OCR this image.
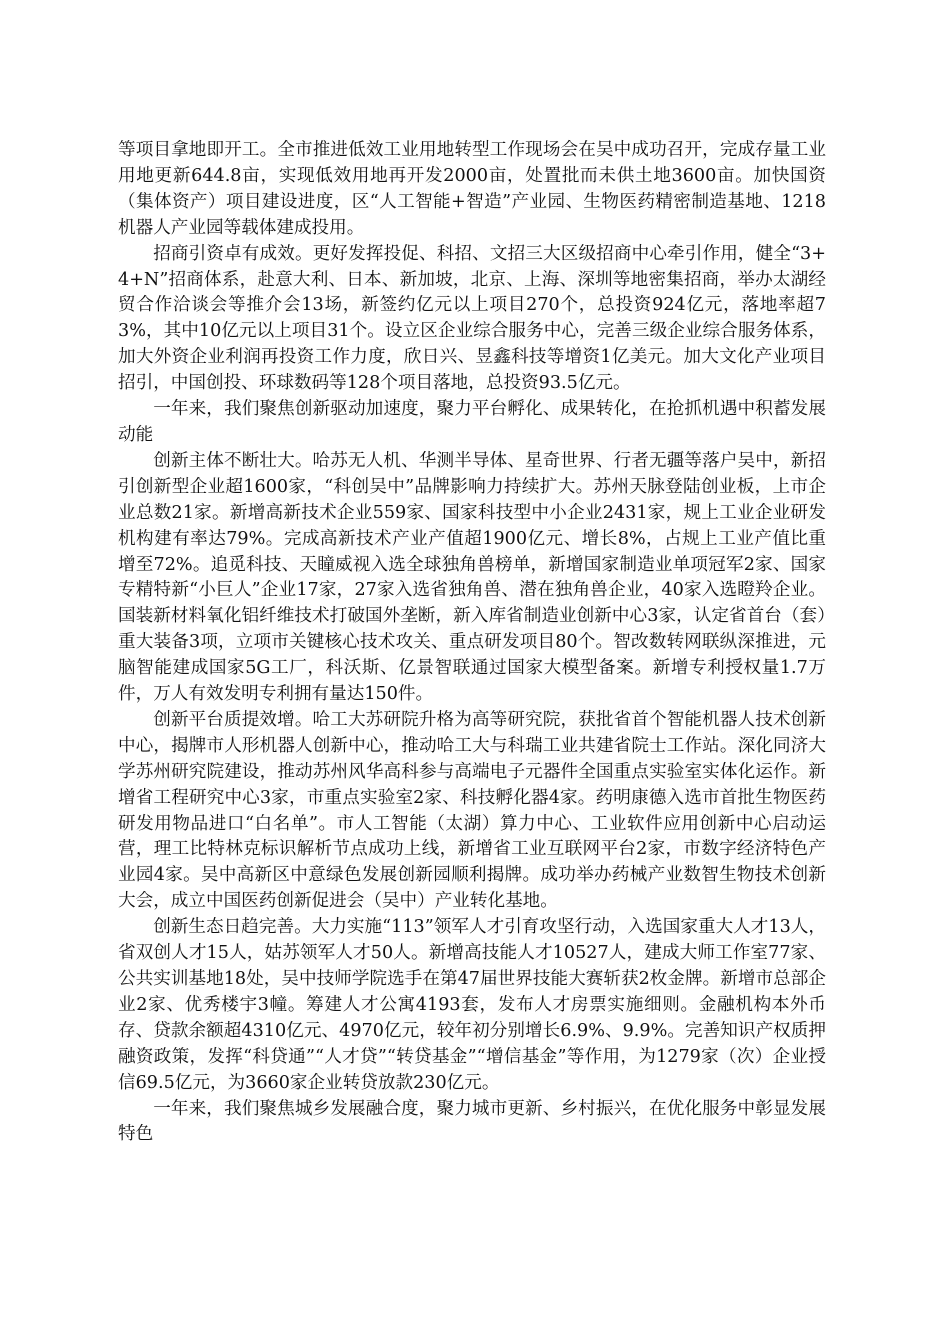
等项目拿地即开工。全市推进低效工业用地转型工作现场会在吴中成功召开，完成存量工业用地更新644.8亩，实现低效用地再开发2000亩，处置批而未供土地3600亩。加快国资（集体资产）项目建设进度，区“人工智能+智造”产业园、生物医药精密制造基地、1218机器人产业园等载体建成投用。

招商引资卓有成效。更好发挥投促、科招、文招三大区级招商中心牵引作用，健全“3+4+N”招商体系，赴意大利、日本、新加坡，北京、上海、深圳等地密集招商，举办太湖经贸合作洽谈会等推介会13场，新签约亿元以上项目270个，总投资924亿元，落地率超73%，其中10亿元以上项目31个。设立区企业综合服务中心，完善三级企业综合服务体系，加大外资企业利润再投资工作力度，欣日兴、昱鑫科技等增资1亿美元。加大文化产业项目招引，中国创投、环球数码等128个项目落地，总投资93.5亿元。

一年来，我们聚焦创新驱动加速度，聚力平台孵化、成果转化，在抢抓机遇中积蓄发展动能

创新主体不断壮大。哈苏无人机、华测半导体、星奇世界、行者无疆等落户吴中，新招引创新型企业超1600家，“科创吴中”品牌影响力持续扩大。苏州天脉登陆创业板，上市企业总数21家。新增高新技术企业559家、国家科技型中小企业2431家，规上工业企业研发机构建有率达79%。完成高新技术产业产值超1900亿元、增长8%，占规上工业产值比重增至72%。追觅科技、天瞳威视入选全球独角兽榜单，新增国家制造业单项冠军2家、国家专精特新“小巨人”企业17家，27家入选省独角兽、潜在独角兽企业，40家入选瞪羚企业。国装新材料氧化铝纤维技术打破国外垄断，新入库省制造业创新中心3家，认定省首台（套）重大装备3项，立项市关键核心技术攻关、重点研发项目80个。智改数转网联纵深推进，元脑智能建成国家5G工厂，科沃斯、亿景智联通过国家大模型备案。新增专利授权量1.7万件，万人有效发明专利拥有量达150件。

创新平台质提效增。哈工大苏研院升格为高等研究院，获批省首个智能机器人技术创新中心，揭牌市人形机器人创新中心，推动哈工大与科瑞工业共建省院士工作站。深化同济大学苏州研究院建设，推动苏州风华高科参与高端电子元器件全国重点实验室实体化运作。新增省工程研究中心3家，市重点实验室2家、科技孵化器4家。药明康德入选市首批生物医药研发用物品进口“白名单”。市人工智能（太湖）算力中心、工业软件应用创新中心启动运营，理工比特林克标识解析节点成功上线，新增省工业互联网平台2家，市数字经济特色产业园4家。吴中高新区中意绿色发展创新园顺利揭牌。成功举办药械产业数智生物技术创新大会，成立中国医药创新促进会（吴中）产业转化基地。

创新生态日趋完善。大力实施“113”领军人才引育攻坚行动，入选国家重大人才13人，省双创人才15人，姑苏领军人才50人。新增高技能人才10527人，建成大师工作室77家、公共实训基地18处，吴中技师学院选手在第47届世界技能大赛斩获2枚金牌。新增市总部企业2家、优秀楼宇3幢。筹建人才公寓4193套，发布人才房票实施细则。金融机构本外币存、贷款余额超4310亿元、4970亿元，较年初分别增长6.9%、9.9%。完善知识产权质押融资政策，发挥“科贷通”“人才贷”“转贷基金”“增信基金”等作用，为1279家（次）企业授信69.5亿元，为3660家企业转贷放款230亿元。

一年来，我们聚焦城乡发展融合度，聚力城市更新、乡村振兴，在优化服务中彰显发展特色
